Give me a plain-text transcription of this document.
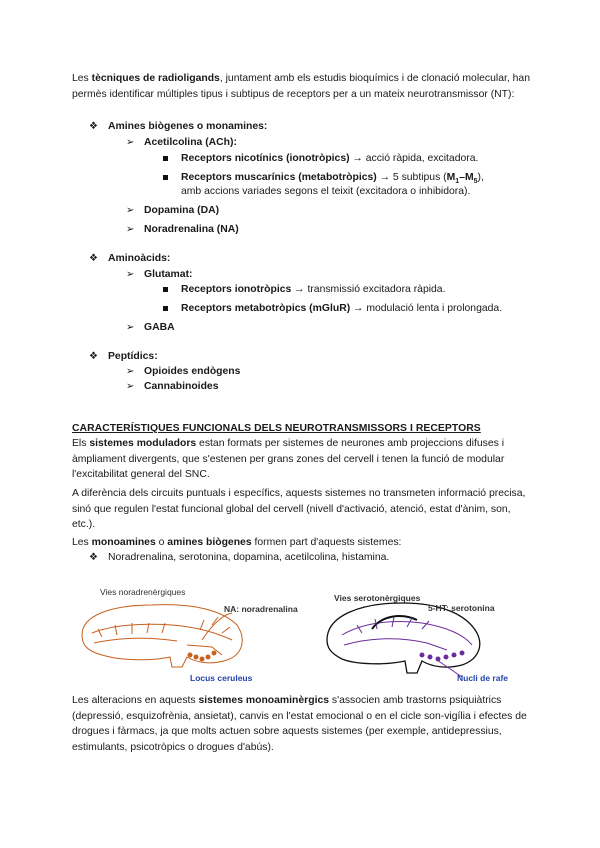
Les tècniques de radioligands, juntament amb els estudis bioquímics i de clonació molecular, han permès identificar múltiples tipus i subtipus de receptors per a un mateix neurotransmissor (NT):
❖ Amines biògenes o monamines:
➢ Acetilcolina (ACh):
Receptors nicotínics (ionotròpics) → acció ràpida, excitadora.
Receptors muscarínics (metabotròpics) → 5 subtipus $(M_1-M_5)$,
amb accions variades segons el teixit (excitadora o inhibidora).
➢ Dopamina (DA)
➢ Noradrenalina (NA)
❖ Aminoàcids:
➢ Glutamat:
Receptors ionotròpics → transmissió excitadora ràpida.
Receptors metabotròpics (mGluR) → modulació lenta i prolongada.
➢ GABA
❖ Peptídics:
➢ Opioides endògens
➢ Cannabinoides
CARACTERÍSTIQUES FUNCIONALS DELS NEUROTRANSMISSORS I RECEPTORS
Els sistemes moduladors estan formats per sistemes de neurones amb projeccions difuses i àmpliament divergents, que s'estenen per grans zones del cervell i tenen la funció de modular l'excitabilitat general del SNC.
A diferència dels circuits puntuals i específics, aquests sistemes no transmeten informació precisa, sinó que regulen l'estat funcional global del cervell (nivell d'activació, atenció, estat d'ànim, son, etc.).
Les monoamines o amines biògenes formen part d'aquests sistemes:
❖ Noradrenalina, serotonina, dopamina, acetilcolina, histamina.
Vies noradrenèrgiques
NA: noradrenalina
Locus ceruleus
Vies serotonèrgiques
5-HT: serotonina
Nucli de rafe
Les alteracions en aquests sistemes monoaminèrgics s'associen amb trastorns psiquiàtrics (depressió, esquizofrènia, ansietat), canvis en l'estat emocional o en el cicle son-vigília i efectes de drogues i fàrmacs, ja que molts actuen sobre aquests sistemes (per exemple, antidepressius, estimulants, psicotròpics o drogues d'abús).
